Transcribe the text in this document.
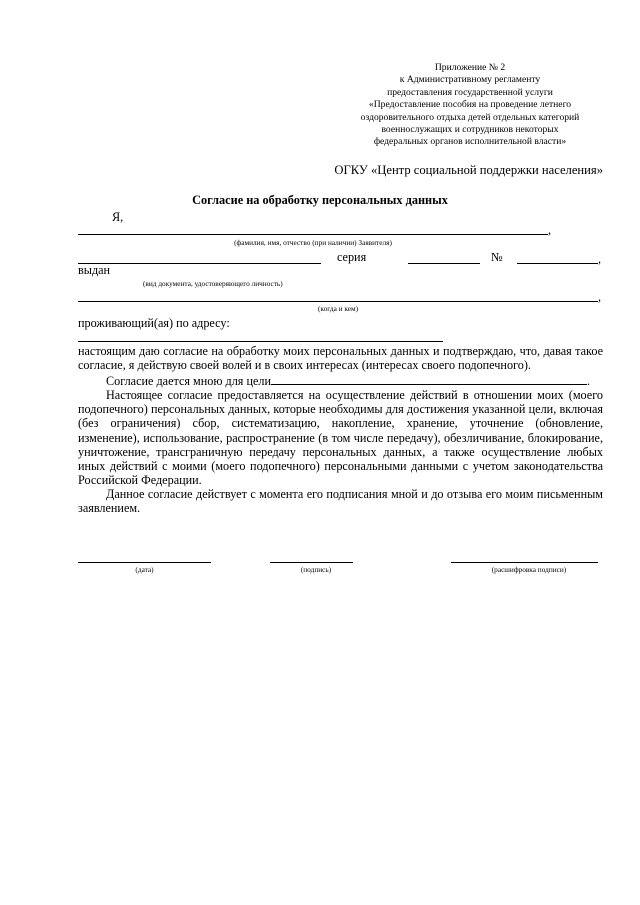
Приложение № 2
к Административному регламенту
предоставления государственной услуги
«Предоставление пособия на проведение летнего
оздоровительного отдыха детей отдельных категорий
военнослужащих и сотрудников некоторых
федеральных органов исполнительной власти»
ОГКУ «Центр социальной поддержки населения»
Согласие на обработку персональных данных
Я,
,
(фамилия, имя, отчество (при наличии) Заявителя)
серия	№	,
выдан
(вид документа, удостоверяющего личность)
,
(когда и кем)
проживающий(ая) по адресу:

настоящим даю согласие на обработку моих персональных данных и подтверждаю, что, давая такое согласие, я действую своей волей и в своих интересах (интересах своего подопечного).

Согласие дается мною для цели	.

Настоящее согласие предоставляется на осуществление действий в отношении моих (моего подопечного) персональных данных, которые необходимы для достижения указанной цели, включая (без ограничения) сбор, систематизацию, накопление, хранение, уточнение (обновление, изменение), использование, распространение (в том числе передачу), обезличивание, блокирование, уничтожение, трансграничную передачу персональных данных, а также осуществление любых иных действий с моими (моего подопечного) персональными данными с учетом законодательства Российской Федерации.

Данное согласие действует с момента его подписания мной и до отзыва его моим письменным заявлением.

(дата)	(подпись)	(расшифровка подписи)
